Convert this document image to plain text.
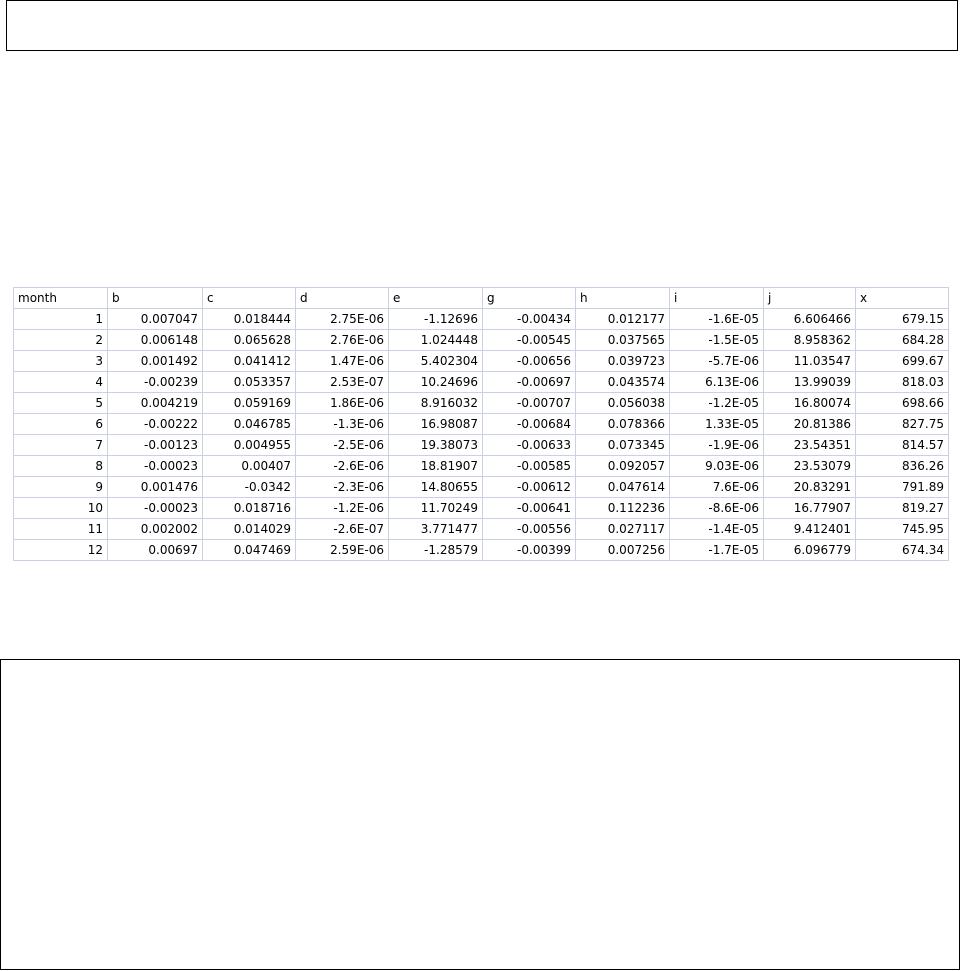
month	b	c	d	e	g	h	i	j	x
1	0.007047	0.018444	2.75E-06	-1.12696	-0.00434	0.012177	-1.6E-05	6.606466	679.15
2	0.006148	0.065628	2.76E-06	1.024448	-0.00545	0.037565	-1.5E-05	8.958362	684.28
3	0.001492	0.041412	1.47E-06	5.402304	-0.00656	0.039723	-5.7E-06	11.03547	699.67
4	-0.00239	0.053357	2.53E-07	10.24696	-0.00697	0.043574	6.13E-06	13.99039	818.03
5	0.004219	0.059169	1.86E-06	8.916032	-0.00707	0.056038	-1.2E-05	16.80074	698.66
6	-0.00222	0.046785	-1.3E-06	16.98087	-0.00684	0.078366	1.33E-05	20.81386	827.75
7	-0.00123	0.004955	-2.5E-06	19.38073	-0.00633	0.073345	-1.9E-06	23.54351	814.57
8	-0.00023	0.00407	-2.6E-06	18.81907	-0.00585	0.092057	9.03E-06	23.53079	836.26
9	0.001476	-0.0342	-2.3E-06	14.80655	-0.00612	0.047614	7.6E-06	20.83291	791.89
10	-0.00023	0.018716	-1.2E-06	11.70249	-0.00641	0.112236	-8.6E-06	16.77907	819.27
11	0.002002	0.014029	-2.6E-07	3.771477	-0.00556	0.027117	-1.4E-05	9.412401	745.95
12	0.00697	0.047469	2.59E-06	-1.28579	-0.00399	0.007256	-1.7E-05	6.096779	674.34
